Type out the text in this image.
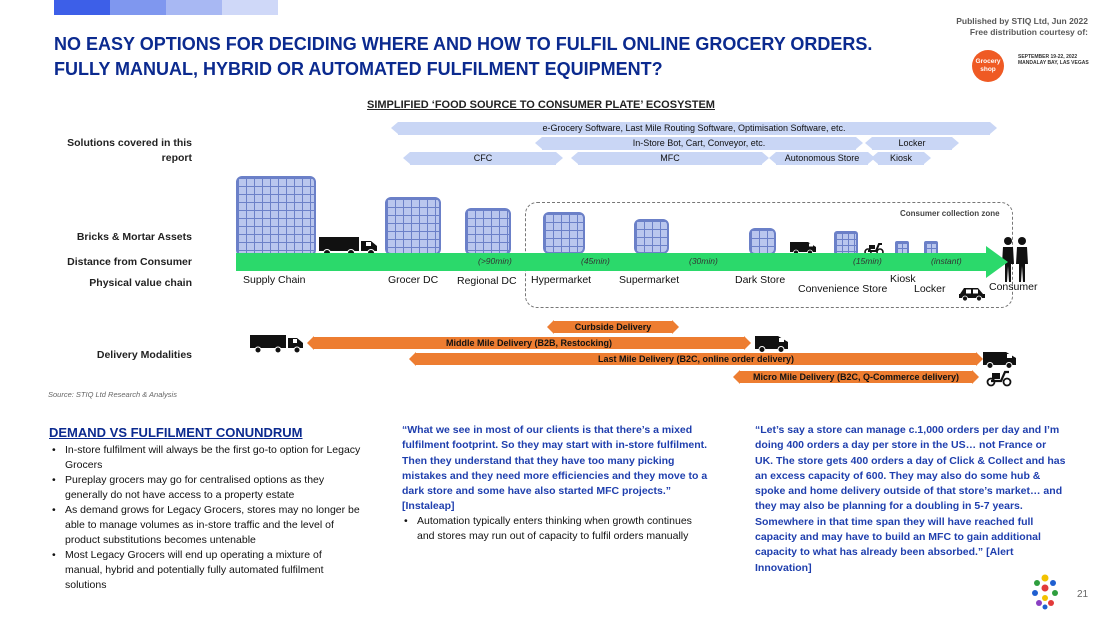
NO EASY OPTIONS FOR DECIDING WHERE AND HOW TO FULFIL ONLINE GROCERY ORDERS.
FULLY MANUAL, HYBRID OR AUTOMATED FULFILMENT EQUIPMENT?
Published by STIQ Ltd, Jun 2022
Free distribution courtesy of:
Grocery shop
SEPTEMBER 19-22, 2022
MANDALAY BAY, LAS VEGAS
SIMPLIFIED ‘FOOD SOURCE TO CONSUMER PLATE’ ECOSYSTEM
Solutions covered in this
report
Bricks & Mortar Assets
Distance from Consumer
Physical value chain
Delivery Modalities
e-Grocery Software, Last Mile Routing Software, Optimisation Software, etc.
In-Store Bot, Cart, Conveyor, etc.	Locker
CFC	MFC	Autonomous Store	Kiosk
Consumer collection zone
(>90min)	(45min)	(30min)	(15min)	(instant)
Supply Chain	Grocer DC Regional DC Hypermarket	Supermarket	Dark Store
Convenience Store
Kiosk
Locker	Consumer
Curbside Delivery
Middle Mile Delivery (B2B, Restocking)
Last Mile Delivery (B2C, online order delivery)
Micro Mile Delivery (B2C, Q-Commerce delivery)
Source: STIQ Ltd Research & Analysis
DEMAND VS FULFILMENT CONUNDRUM
• In-store fulfilment will always be the first go-to option for Legacy Grocers
• Pureplay grocers may go for centralised options as they generally do not have access to a property estate
• As demand grows for Legacy Grocers, stores may no longer be able to manage volumes as in-store traffic and the level of product substitutions becomes untenable
• Most Legacy Grocers will end up operating a mixture of manual, hybrid and potentially fully automated fulfilment solutions
“What we see in most of our clients is that there’s a mixed fulfilment footprint. So they may start with in-store fulfilment. Then they understand that they have too many picking mistakes and they need more efficiencies and they move to a dark store and some have also started MFC projects.” [Instaleap]
• Automation typically enters thinking when growth continues and stores may run out of capacity to fulfil orders manually
“Let’s say a store can manage c.1,000 orders per day and I’m doing 400 orders a day per store in the US… not France or UK. The store gets 400 orders a day of Click & Collect and has an excess capacity of 600. They may also do some hub & spoke and home delivery outside of that store’s market… and they may also be planning for a doubling in 5-7 years. Somewhere in that time span they will have reached full capacity and may have to build an MFC to gain additional capacity to what has already been absorbed.” [Alert Innovation]
21
